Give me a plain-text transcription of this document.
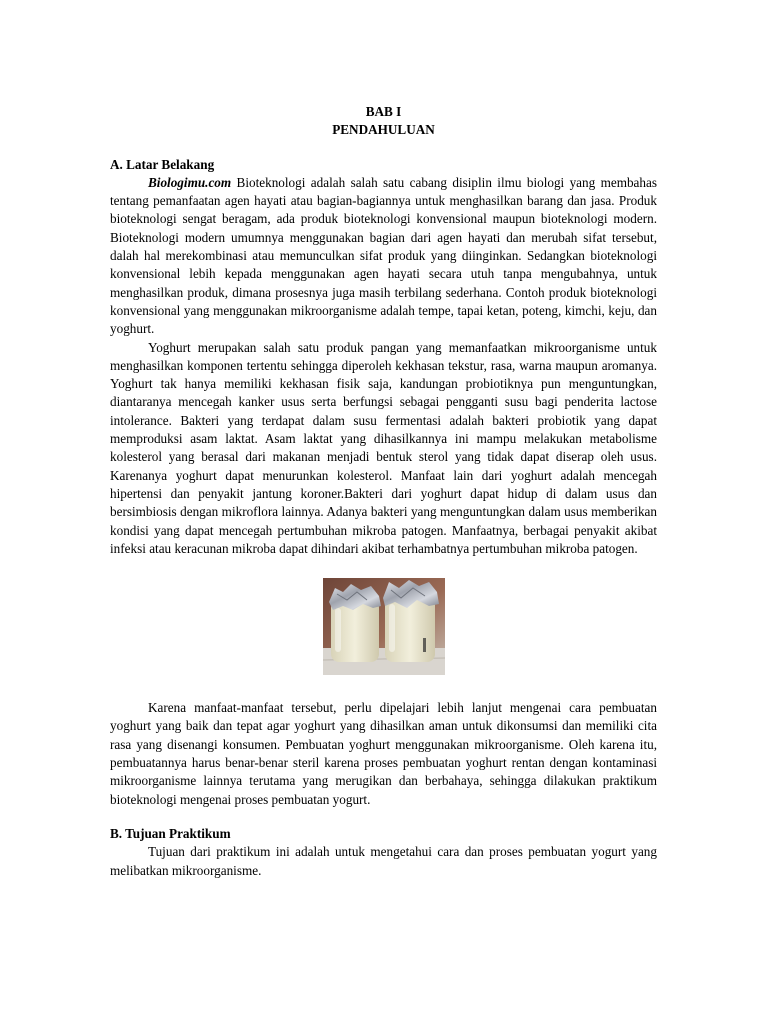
BAB I
PENDAHULUAN
A. Latar Belakang

Biologimu.com Bioteknologi adalah salah satu cabang disiplin ilmu biologi yang membahas tentang pemanfaatan agen hayati atau bagian-bagiannya untuk menghasilkan barang dan jasa. Produk bioteknologi sengat beragam, ada produk bioteknologi konvensional maupun bioteknologi modern. Bioteknologi modern umumnya menggunakan bagian dari agen hayati dan merubah sifat tersebut, dalah hal merekombinasi atau memunculkan sifat produk yang diinginkan. Sedangkan bioteknologi konvensional lebih kepada menggunakan agen hayati secara utuh tanpa mengubahnya, untuk menghasilkan produk, dimana prosesnya juga masih terbilang sederhana. Contoh produk bioteknologi konvensional yang menggunakan mikroorganisme adalah tempe, tapai ketan, poteng, kimchi, keju, dan yoghurt.

Yoghurt merupakan salah satu produk pangan yang memanfaatkan mikroorganisme untuk menghasilkan komponen tertentu sehingga diperoleh kekhasan tekstur, rasa, warna maupun aromanya. Yoghurt tak hanya memiliki kekhasan fisik saja, kandungan probiotiknya pun menguntungkan, diantaranya mencegah kanker usus serta berfungsi sebagai pengganti susu bagi penderita lactose intolerance. Bakteri yang terdapat dalam susu fermentasi adalah bakteri probiotik yang dapat memproduksi asam laktat. Asam laktat yang dihasilkannya ini mampu melakukan metabolisme kolesterol yang berasal dari makanan menjadi bentuk sterol yang tidak dapat diserap oleh usus. Karenanya yoghurt dapat menurunkan kolesterol. Manfaat lain dari yoghurt adalah mencegah hipertensi dan penyakit jantung koroner.Bakteri dari yoghurt dapat hidup di dalam usus dan bersimbiosis dengan mikroflora lainnya. Adanya bakteri yang menguntungkan dalam usus memberikan kondisi yang dapat mencegah pertumbuhan mikroba patogen. Manfaatnya, berbagai penyakit akibat infeksi atau keracunan mikroba dapat dihindari akibat terhambatnya pertumbuhan mikroba patogen.

Karena manfaat-manfaat tersebut, perlu dipelajari lebih lanjut mengenai cara pembuatan yoghurt yang baik dan tepat agar yoghurt yang dihasilkan aman untuk dikonsumsi dan memiliki cita rasa yang disenangi konsumen. Pembuatan yoghurt menggunakan mikroorganisme. Oleh karena itu, pembuatannya harus benar-benar steril karena proses pembuatan yoghurt rentan dengan kontaminasi mikroorganisme lainnya terutama yang merugikan dan berbahaya, sehingga dilakukan praktikum bioteknologi mengenai proses pembuatan yogurt.

B. Tujuan Praktikum

Tujuan dari praktikum ini adalah untuk mengetahui cara dan proses pembuatan yogurt yang melibatkan mikroorganisme.
